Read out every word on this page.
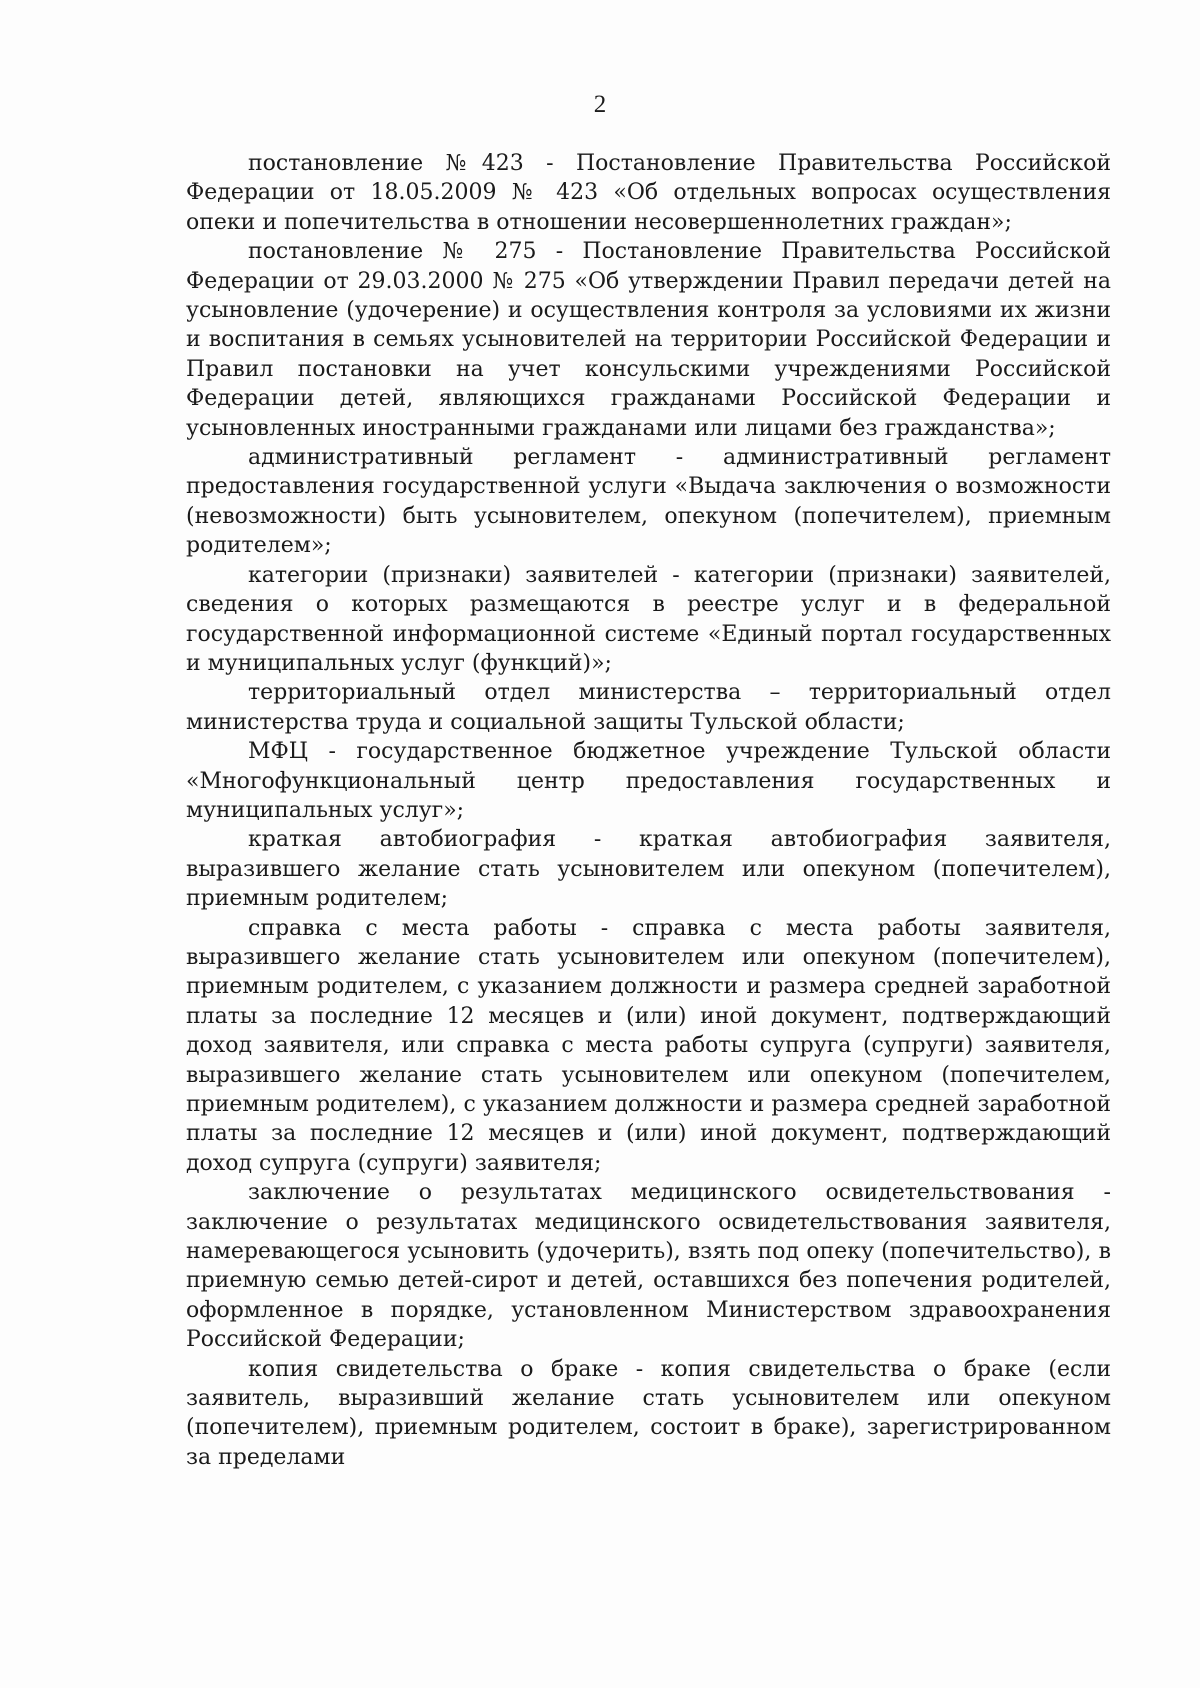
2

постановление №423 - Постановление Правительства Российской Федерации от 18.05.2009 № 423 «Об отдельных вопросах осуществления опеки и попечительства в отношении несовершеннолетних граждан»;

постановление № 275 - Постановление Правительства Российской Федерации от 29.03.2000 № 275 «Об утверждении Правил передачи детей на усыновление (удочерение) и осуществления контроля за условиями их жизни и воспитания в семьях усыновителей на территории Российской Федерации и Правил постановки на учет консульскими учреждениями Российской Федерации детей, являющихся гражданами Российской Федерации и усыновленных иностранными гражданами или лицами без гражданства»;

административный регламент - административный регламент предоставления государственной услуги «Выдача заключения о возможности (невозможности) быть усыновителем, опекуном (попечителем), приемным родителем»;

категории (признаки) заявителей - категории (признаки) заявителей, сведения о которых размещаются в реестре услуг и в федеральной государственной информационной системе «Единый портал государственных и муниципальных услуг (функций)»;

территориальный отдел министерства – территориальный отдел министерства труда и социальной защиты Тульской области;

МФЦ - государственное бюджетное учреждение Тульской области «Многофункциональный центр предоставления государственных и муниципальных услуг»;

краткая автобиография - краткая автобиография заявителя, выразившего желание стать усыновителем или опекуном (попечителем), приемным родителем;

справка с места работы - справка с места работы заявителя, выразившего желание стать усыновителем или опекуном (попечителем), приемным родителем, с указанием должности и размера средней заработной платы за последние 12 месяцев и (или) иной документ, подтверждающий доход заявителя, или справка с места работы супруга (супруги) заявителя, выразившего желание стать усыновителем или опекуном (попечителем, приемным родителем), с указанием должности и размера средней заработной платы за последние 12 месяцев и (или) иной документ, подтверждающий доход супруга (супруги) заявителя;

заключение о результатах медицинского освидетельствования - заключение о результатах медицинского освидетельствования заявителя, намеревающегося усыновить (удочерить), взять под опеку (попечительство), в приемную семью детей-сирот и детей, оставшихся без попечения родителей, оформленное в порядке, установленном Министерством здравоохранения Российской Федерации;

копия свидетельства о браке - копия свидетельства о браке (если заявитель, выразивший желание стать усыновителем или опекуном (попечителем), приемным родителем, состоит в браке), зарегистрированном за пределами
